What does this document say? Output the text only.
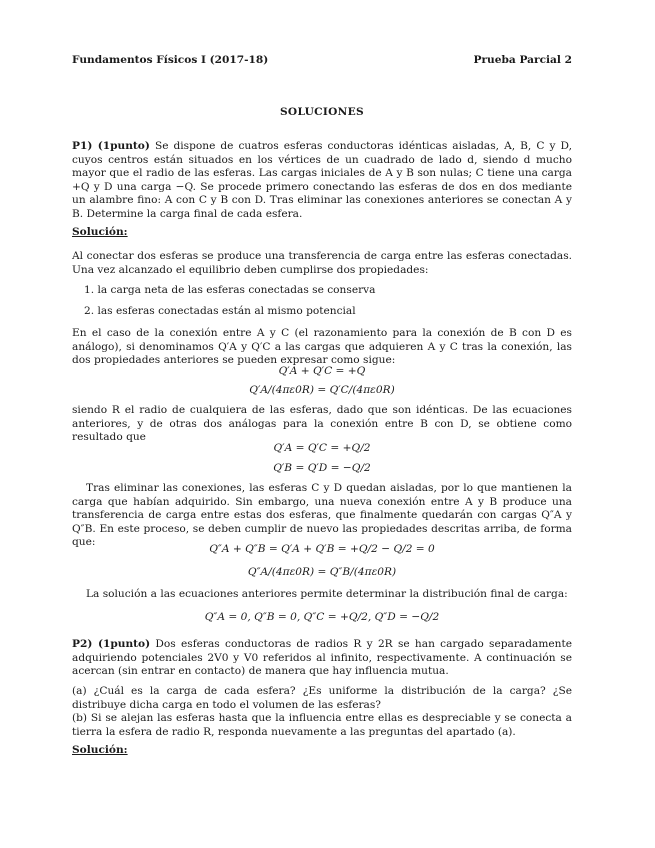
Fundamentos Físicos I (2017-18)	Prueba Parcial 2
SOLUCIONES
P1) (1punto) Se dispone de cuatros esferas conductoras idénticas aisladas, A, B, C y D, cuyos centros están situados en los vértices de un cuadrado de lado d, siendo d mucho mayor que el radio de las esferas. Las cargas iniciales de A y B son nulas; C tiene una carga +Q y D una carga −Q. Se procede primero conectando las esferas de dos en dos mediante un alambre fino: A con C y B con D. Tras eliminar las conexiones anteriores se conectan A y B. Determine la carga final de cada esfera.
Solución:
Al conectar dos esferas se produce una transferencia de carga entre las esferas conectadas. Una vez alcanzado el equilibrio deben cumplirse dos propiedades:
1. la carga neta de las esferas conectadas se conserva
2. las esferas conectadas están al mismo potencial
En el caso de la conexión entre A y C (el razonamiento para la conexión de B con D es análogo), si denominamos Q′A y Q′C a las cargas que adquieren A y C tras la conexión, las dos propiedades anteriores se pueden expresar como sigue:
Q′A + Q′C = +Q
Q′A/(4πε0R) = Q′C/(4πε0R)
siendo R el radio de cualquiera de las esferas, dado que son idénticas. De las ecuaciones anteriores, y de otras dos análogas para la conexión entre B con D, se obtiene como resultado que
Q′A = Q′C = +Q/2
Q′B = Q′D = −Q/2
Tras eliminar las conexiones, las esferas C y D quedan aisladas, por lo que mantienen la carga que habían adquirido. Sin embargo, una nueva conexión entre A y B produce una transferencia de carga entre estas dos esferas, que finalmente quedarán con cargas Q″A y Q″B. En este proceso, se deben cumplir de nuevo las propiedades descritas arriba, de forma que:
Q″A + Q″B = Q′A + Q′B = +Q/2 − Q/2 = 0
Q″A/(4πε0R) = Q″B/(4πε0R)
La solución a las ecuaciones anteriores permite determinar la distribución final de carga:
Q″A = 0, Q″B = 0, Q″C = +Q/2, Q″D = −Q/2
P2) (1punto) Dos esferas conductoras de radios R y 2R se han cargado separadamente adquiriendo potenciales 2V0 y V0 referidos al infinito, respectivamente. A continuación se acercan (sin entrar en contacto) de manera que hay influencia mutua.
(a) ¿Cuál es la carga de cada esfera? ¿Es uniforme la distribución de la carga? ¿Se distribuye dicha carga en todo el volumen de las esferas?
(b) Si se alejan las esferas hasta que la influencia entre ellas es despreciable y se conecta a tierra la esfera de radio R, responda nuevamente a las preguntas del apartado (a).
Solución:
